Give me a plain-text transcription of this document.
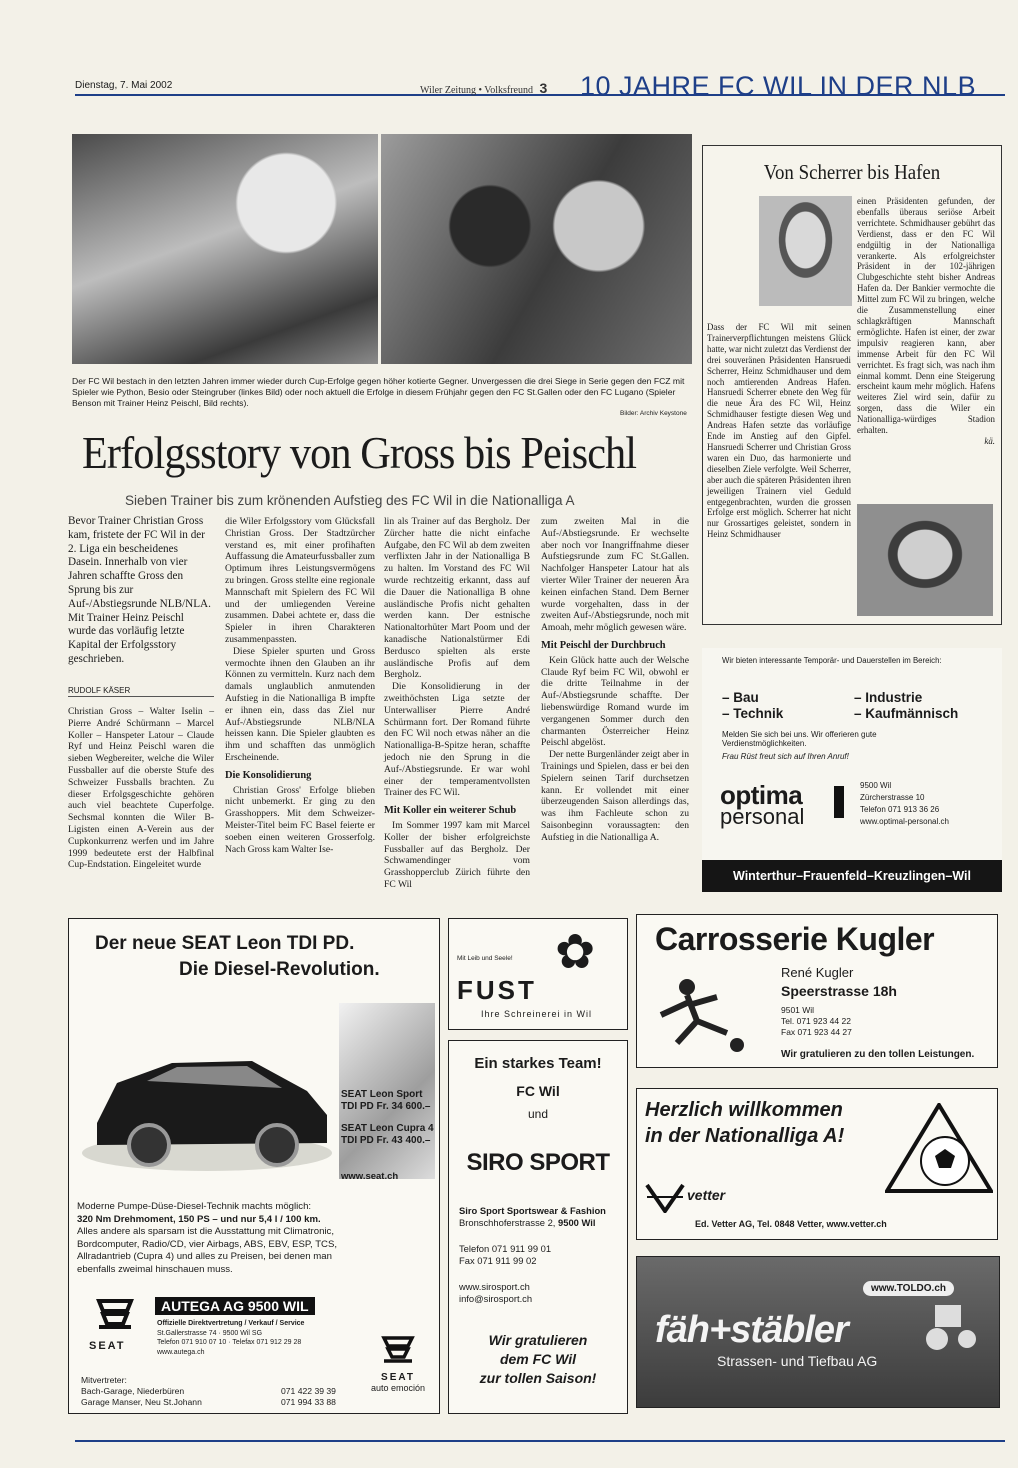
Dienstag, 7. Mai 2002	Wiler Zeitung • Volksfreund 3 10 JAHRE FC WIL IN DER NLB
Der FC Wil bestach in den letzten Jahren immer wieder durch Cup-Erfolge gegen höher kotierte Gegner. Unvergessen die drei Siege in Serie gegen den FCZ mit Spieler wie Python, Besio oder Steingruber (linkes Bild) oder noch aktuell die Erfolge in diesem Frühjahr gegen den FC St.Gallen oder den FC Lugano (Spieler Benson mit Trainer Heinz Peischl, Bild rechts).
Bilder: Archiv Keystone
Erfolgsstory von Gross bis Peischl
Sieben Trainer bis zum krönenden Aufstieg des FC Wil in die Nationalliga A
Bevor Trainer Christian Gross kam, fristete der FC Wil in der 2. Liga ein bescheidenes Dasein. Innerhalb von vier Jahren schaffte Gross den Sprung bis zur Auf-/Abstiegsrunde NLB/NLA. Mit Trainer Heinz Peischl wurde das vorläufig letzte Kapital der Erfolgsstory geschrieben.
RUDOLF KÄSER

Christian Gross – Walter Iselin – Pierre André Schürmann – Marcel Koller – Hanspeter Latour – Claude Ryf und Heinz Peischl waren die sieben Wegbereiter, welche die Wiler Fussballer auf die oberste Stufe des Schweizer Fussballs brachten. Zu dieser Erfolgsgeschichte gehören auch viel beachtete Cuperfolge. Sechsmal konnten die Wiler B-Ligisten einen A-Verein aus der Cupkonkurrenz werfen und im Jahre 1999 bedeutete erst der Halbfinal Cup-Endstation. Eingeleitet wurde

die Wiler Erfolgsstory vom Glücksfall Christian Gross. Der Stadtzürcher verstand es, mit einer profihaften Auffassung die Amateurfussballer zum Optimum ihres Leistungsvermögens zu bringen. Gross stellte eine regionale Mannschaft mit Spielern des FC Wil und der umliegenden Vereine zusammen. Dabei achtete er, dass die Spieler in ihren Charakteren zusammenpassten.

Diese Spieler spurten und Gross vermochte ihnen den Glauben an ihr Können zu vermitteln. Kurz nach dem damals unglaublich anmutenden Aufstieg in die Nationalliga B impfte er ihnen ein, dass das Ziel nur Auf-/Abstiegsrunde NLB/NLA heissen kann. Die Spieler glaubten es ihm und schafften das unmöglich Erscheinende.

Die Konsolidierung

Christian Gross' Erfolge blieben nicht unbemerkt. Er ging zu den Grasshoppers. Mit dem Schweizer-Meister-Titel beim FC Basel feierte er soeben einen weiteren Grosserfolg. Nach Gross kam Walter Ise-

lin als Trainer auf das Bergholz. Der Zürcher hatte die nicht einfache Aufgabe, den FC Wil ab dem zweiten verflixten Jahr in der Nationalliga B zu halten. Im Vorstand des FC Wil wurde rechtzeitig erkannt, dass auf die Dauer die Nationalliga B ohne ausländische Profis nicht gehalten werden kann. Der estnische Nationaltorhüter Mart Poom und der kanadische Nationalstürmer Edi Berdusco spielten als erste ausländische Profis auf dem Bergholz.

Die Konsolidierung in der zweithöchsten Liga setzte der Unterwalliser Pierre André Schürmann fort. Der Romand führte den FC Wil noch etwas näher an die Nationalliga-B-Spitze heran, schaffte jedoch nie den Sprung in die Auf-/Abstiegsrunde. Er war wohl einer der temperamentvollsten Trainer des FC Wil.

Mit Koller ein weiterer Schub

Im Sommer 1997 kam mit Marcel Koller der bisher erfolgreichste Fussballer auf das Bergholz. Der Schwamendinger vom Grasshopperclub Zürich führte den FC Wil

zum zweiten Mal in die Auf-/Abstiegsrunde. Er wechselte aber noch vor Inangriffnahme dieser Aufstiegsrunde zum FC St.Gallen. Nachfolger Hanspeter Latour hat als vierter Wiler Trainer der neueren Ära keinen einfachen Stand. Dem Berner wurde vorgehalten, dass in der zweiten Auf-/Abstiegsrunde, noch mit Amoah, mehr möglich gewesen wäre.

Mit Peischl der Durchbruch

Kein Glück hatte auch der Welsche Claude Ryf beim FC Wil, obwohl er die dritte Teilnahme in der Auf-/Abstiegsrunde schaffte. Der liebenswürdige Romand wurde im vergangenen Sommer durch den charmanten Österreicher Heinz Peischl abgelöst.

Der nette Burgenländer zeigt aber in Trainings und Spielen, dass er bei den Spielern seinen Tarif durchsetzen kann. Er vollendet mit einer überzeugenden Saison allerdings das, was ihm Fachleute schon zu Saisonbeginn voraussagten: den Aufstieg in die Nationalliga A.

Von Scherrer bis Hafen

einen Präsidenten gefunden, der ebenfalls überaus seriöse Arbeit verrichtete. Schmidhauser gebührt das Verdienst, dass er den FC Wil endgültig in der Nationalliga verankerte. Als erfolgreichster Präsident in der 102-jährigen Clubgeschichte steht bisher Andreas Hafen da. Der Bankier vermochte die Mittel zum FC Wil zu bringen, welche die Zusammenstellung einer schlagkräftigen Mannschaft ermöglichte. Hafen ist einer, der zwar impulsiv reagieren kann, aber immense Arbeit für den FC Wil verrichtet. Es fragt sich, was nach ihm einmal kommt. Denn eine Steigerung erscheint kaum mehr möglich. Hafens weiteres Ziel wird sein, dafür zu sorgen, dass die Wiler ein Nationalliga-würdiges Stadion erhalten.

kä.

Dass der FC Wil mit seinen Trainerverpflichtungen meistens Glück hatte, war nicht zuletzt das Verdienst der drei souveränen Präsidenten Hansruedi Scherrer, Heinz Schmidhauser und dem noch amtierenden Andreas Hafen. Hansruedi Scherrer ebnete den Weg für die neue Ära des FC Wil, Heinz Schmidhauser festigte diesen Weg und Andreas Hafen setzte das vorläufige Ende im Anstieg auf den Gipfel. Hansruedi Scherrer und Christian Gross waren ein Duo, das harmonierte und dieselben Ziele verfolgte. Weil Scherrer, aber auch die späteren Präsidenten ihren jeweiligen Trainern viel Geduld entgegenbrachten, wurden die grossen Erfolge erst möglich. Scherrer hat nicht nur Grossartiges geleistet, sondern in Heinz Schmidhauser

Wir bieten interessante Temporär- und Dauerstellen im Bereich:
– Bau
– Technik
– Industrie
– Kaufmännisch
Melden Sie sich bei uns. Wir offerieren gute Verdienstmöglichkeiten.
Frau Rüst freut sich auf Ihren Anruf!
optima
personal
9500 Wil
Zürcherstrasse 10
Telefon 071 913 36 26
www.optimal-personal.ch
Winterthur–Frauenfeld–Kreuzlingen–Wil
Der neue SEAT Leon TDI PD.
Die Diesel-Revolution.
SEAT Leon Sport
TDI PD Fr. 34 600.–
SEAT Leon Cupra 4
TDI PD Fr. 43 400.–
www.seat.ch
Moderne Pumpe-Düse-Diesel-Technik machts möglich:
320 Nm Drehmoment, 150 PS – und nur 5,4 l / 100 km.
Alles andere als sparsam ist die Ausstattung mit Climatronic, Bordcomputer, Radio/CD, vier Airbags, ABS, EBV, ESP, TCS, Allradantrieb (Cupra 4) und alles zu Preisen, bei denen man ebenfalls zweimal hinschauen muss.
SEAT
AUTEGA AG 9500 WIL
Offizielle Direktvertretung / Verkauf / Service
St.Gallerstrasse 74 · 9500 Wil SG
Telefon 071 910 07 10 · Telefax 071 912 29 28
www.autega.ch
Mitvertreter:
Bach-Garage, Niederbüren	071 422 39 39
Garage Manser, Neu St.Johann	071 994 33 88
SEAT
auto emoción
Mit Leib und Seele! ✿
FUST
Ihre Schreinerei in Wil
Ein starkes Team!
FC Wil
und
SIRO SPORT
Siro Sport Sportswear & Fashion
Bronschhoferstrasse 2, 9500 Wil
Telefon 071 911 99 01
Fax 071 911 99 02
www.sirosport.ch
info@sirosport.ch
Wir gratulieren
dem FC Wil
zur tollen Saison!
Carrosserie Kugler
René Kugler
Speerstrasse 18h
9501 Wil
Tel. 071 923 44 22
Fax 071 923 44 27
Wir gratulieren zu den tollen Leistungen.
Herzlich willkommen
in der Nationalliga A!
vetter
Ed. Vetter AG, Tel. 0848 Vetter, www.vetter.ch
www.TOLDO.ch
fäh+stäbler
Strassen- und Tiefbau AG
